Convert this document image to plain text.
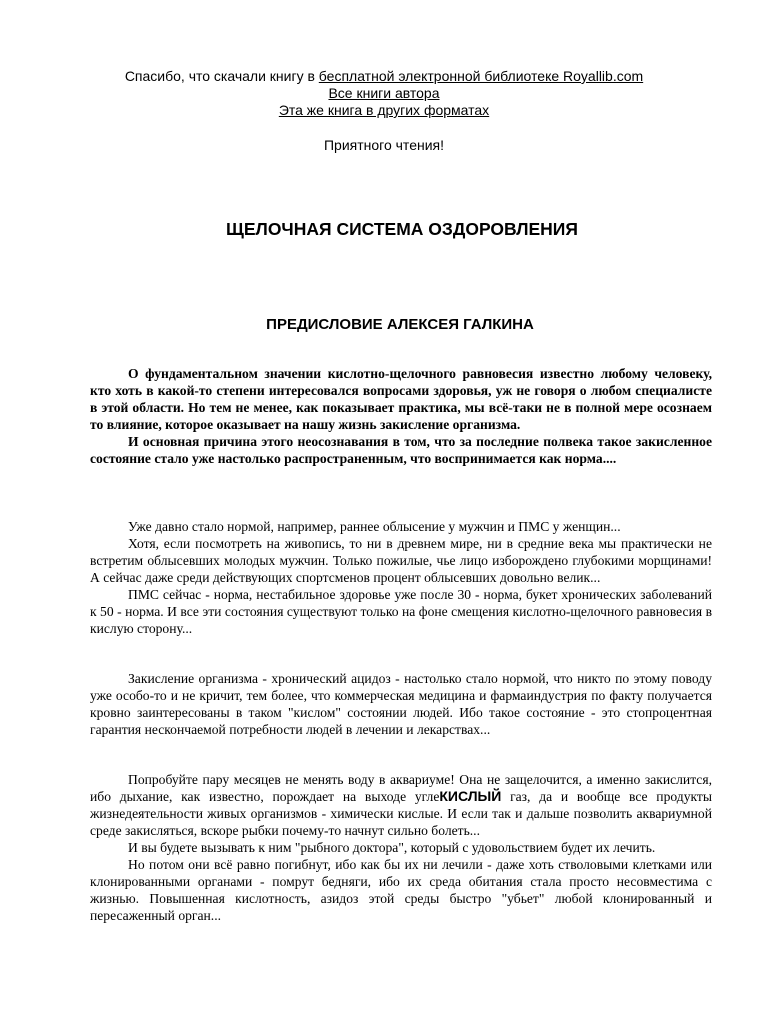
Спасибо, что скачали книгу в бесплатной электронной библиотеке Royallib.com
Все книги автора
Эта же книга в других форматах
Приятного чтения!
ЩЕЛОЧНАЯ СИСТЕМА ОЗДОРОВЛЕНИЯ
ПРЕДИСЛОВИЕ АЛЕКСЕЯ ГАЛКИНА

О фундаментальном значении кислотно-щелочного равновесия известно любому человеку, кто хоть в какой-то степени интересовался вопросами здоровья, уж не говоря о любом специалисте в этой области. Но тем не менее, как показывает практика, мы всё-таки не в полной мере осознаем то влияние, которое оказывает на нашу жизнь закисление организма.

И основная причина этого неосознавания в том, что за последние полвека такое закисленное состояние стало уже настолько распространенным, что воспринимается как норма....

Уже давно стало нормой, например, раннее облысение у мужчин и ПМС у женщин...

Хотя, если посмотреть на живопись, то ни в древнем мире, ни в средние века мы практически не встретим облысевших молодых мужчин. Только пожилые, чье лицо изборождено глубокими морщинами! А сейчас даже среди действующих спортсменов процент облысевших довольно велик...

ПМС сейчас - норма, нестабильное здоровье уже после 30 - норма, букет хронических заболеваний к 50 - норма. И все эти состояния существуют только на фоне смещения кислотно-щелочного равновесия в кислую сторону...

Закисление организма - хронический ацидоз - настолько стало нормой, что никто по этому поводу уже особо-то и не кричит, тем более, что коммерческая медицина и фармаиндустрия по факту получается кровно заинтересованы в таком "кислом" состоянии людей. Ибо такое состояние - это стопроцентная гарантия нескончаемой потребности людей в лечении и лекарствах...

Попробуйте пару месяцев не менять воду в аквариуме! Она не защелочится, а именно закислится, ибо дыхание, как известно, порождает на выходе углеКИСЛЫЙ газ, да и вообще все продукты жизнедеятельности живых организмов - химически кислые. И если так и дальше позволить аквариумной среде закисляться, вскоре рыбки почему-то начнут сильно болеть...

И вы будете вызывать к ним "рыбного доктора", который с удовольствием будет их лечить.

Но потом они всё равно погибнут, ибо как бы их ни лечили - даже хоть стволовыми клетками или клонированными органами - помрут бедняги, ибо их среда обитания стала просто несовместима с жизнью. Повышенная кислотность, азидоз этой среды быстро "убьет" любой клонированный и пересаженный орган...
